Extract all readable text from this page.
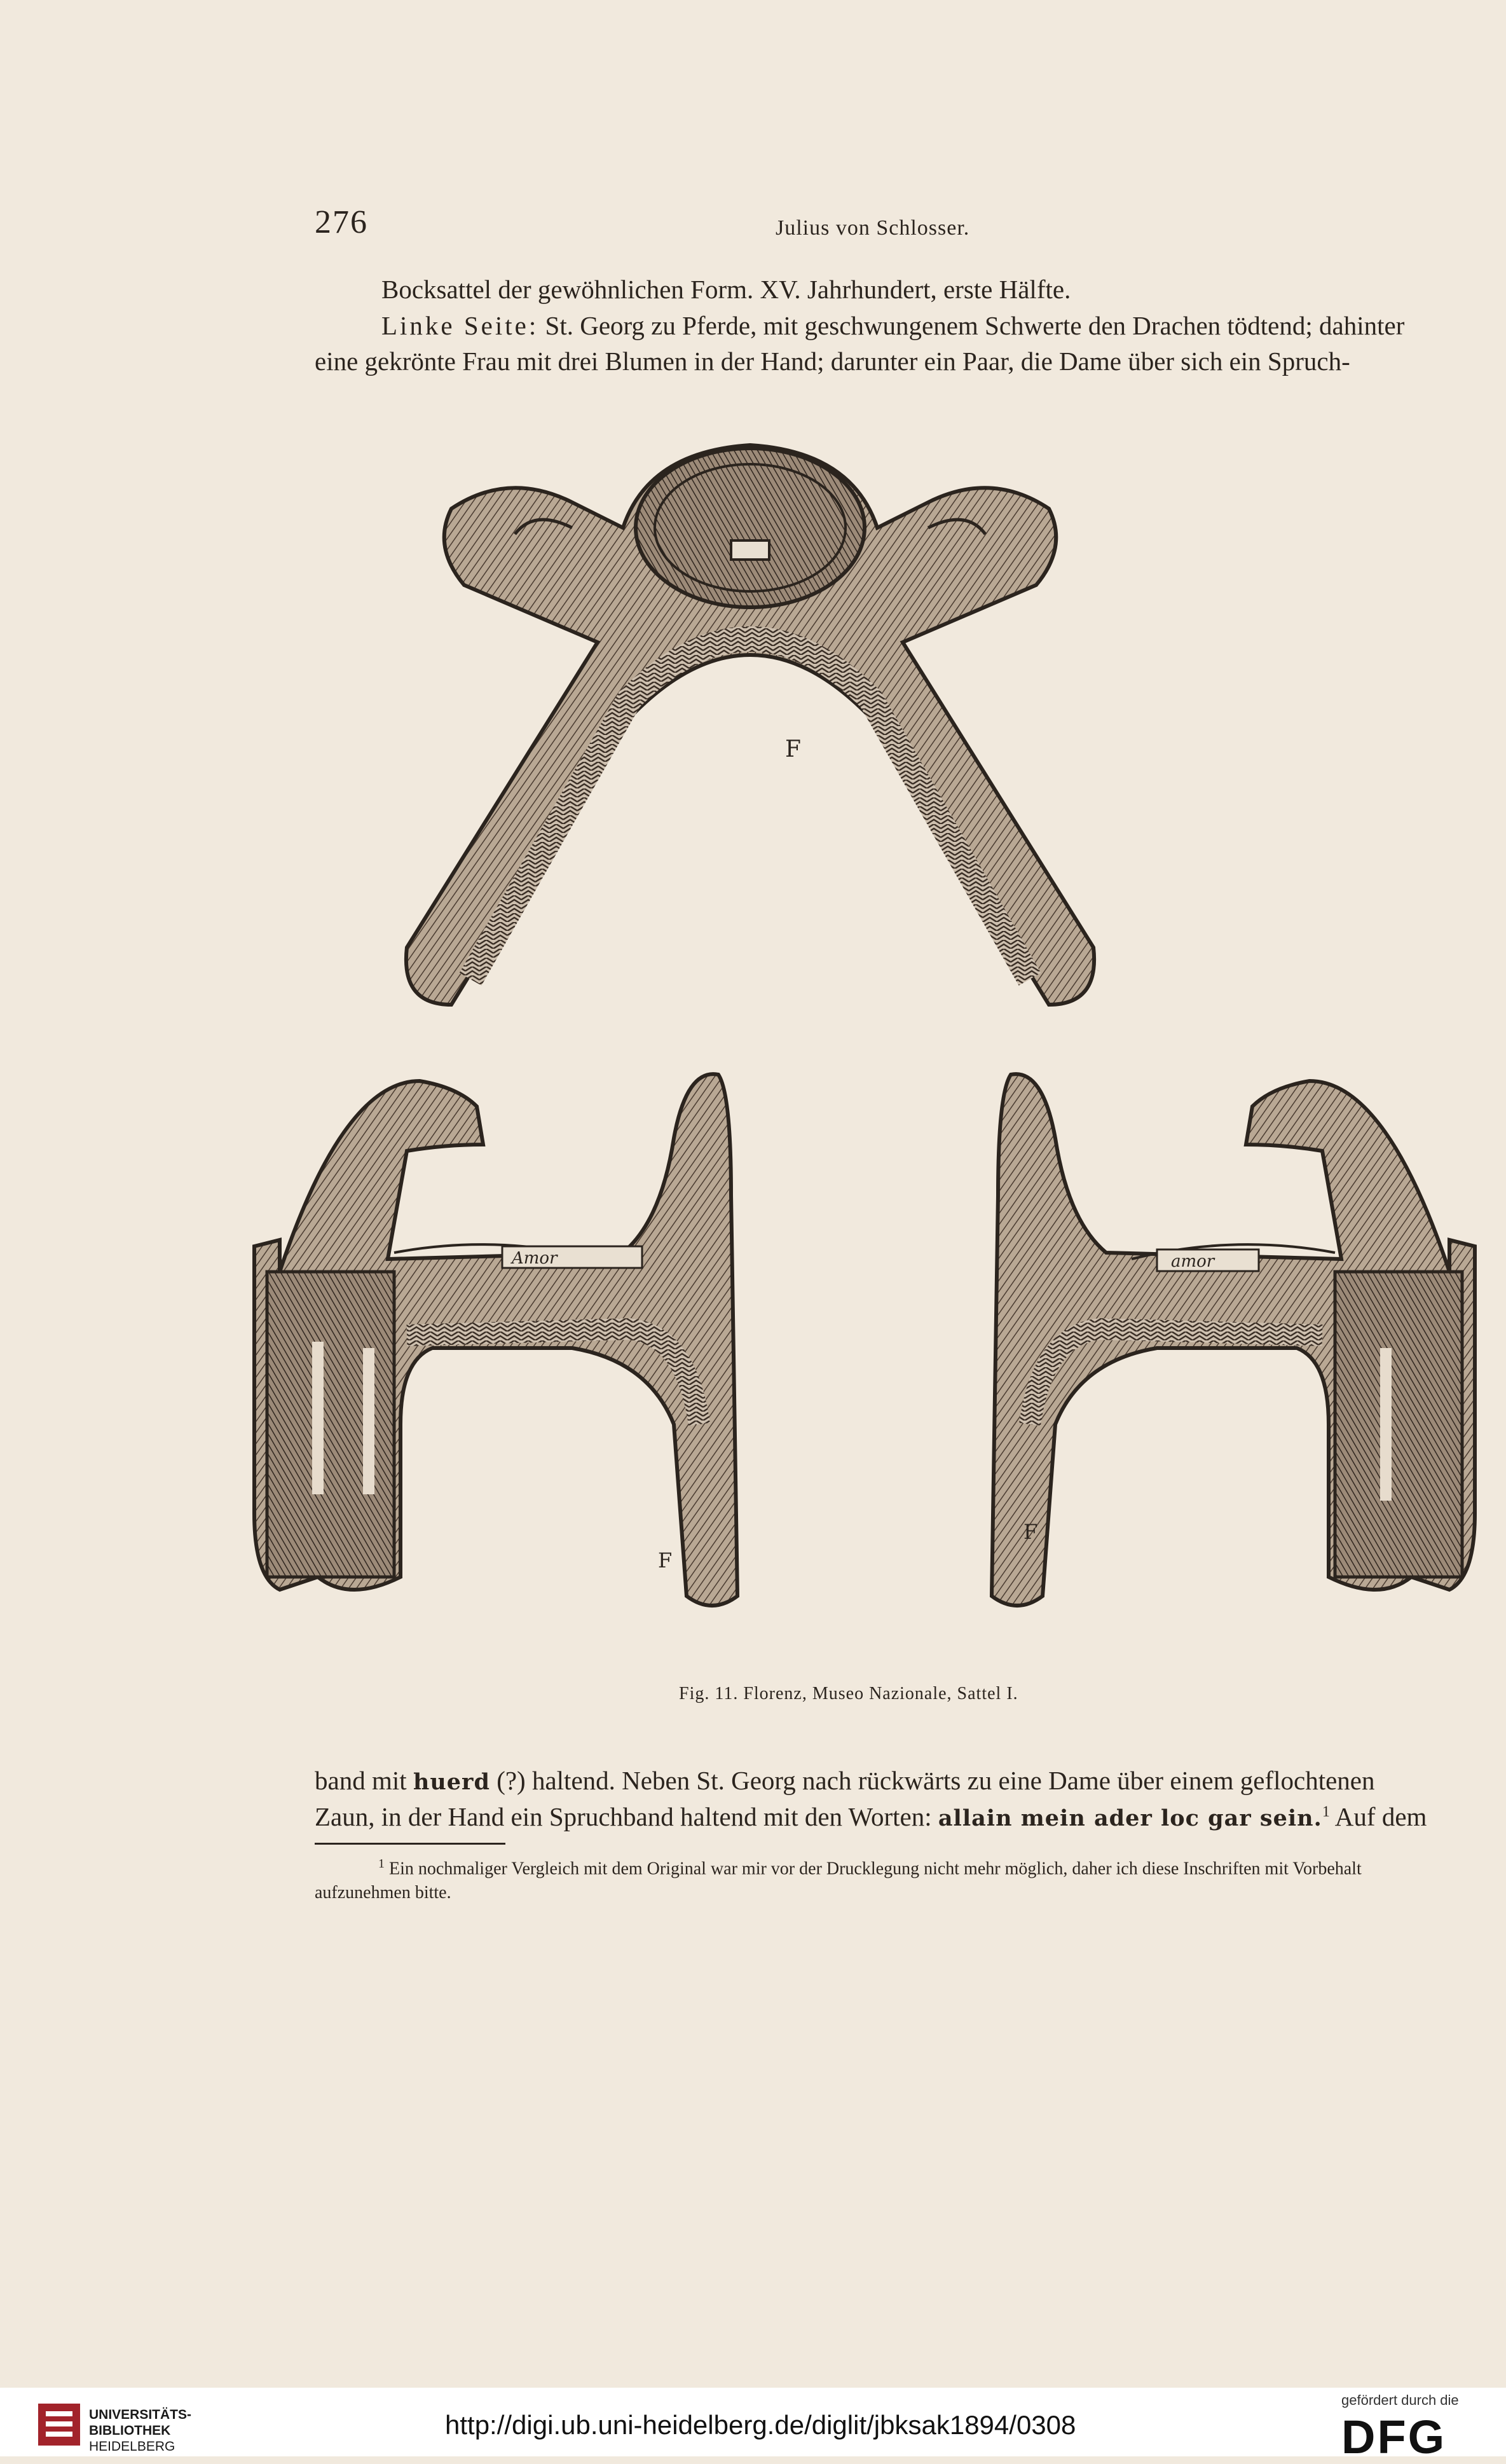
276	Julius von Schlosser.
Bocksattel der gewöhnlichen Form. XV. Jahrhundert, erste Hälfte.
Linke Seite: St. Georg zu Pferde, mit geschwungenem Schwerte den Drachen tödtend; dahinter
eine gekrönte Frau mit drei Blumen in der Hand; darunter ein Paar, die Dame über sich ein Spruch-
F
Amor
F
amor
F
Fig. 11. Florenz, Museo Nazionale, Sattel I.
band mit huerd (?) haltend. Neben St. Georg nach rückwärts zu eine Dame über einem geflochtenen
Zaun, in der Hand ein Spruchband haltend mit den Worten: allain mein ader loc gar sein.$^1$ Auf dem
$^1$ Ein nochmaliger Vergleich mit dem Original war mir vor der Drucklegung nicht mehr möglich, daher ich diese Inschriften mit Vorbehalt aufzunehmen bitte.
UNIVERSITÄTS-
BIBLIOTHEK
HEIDELBERG
http://digi.ub.uni-heidelberg.de/diglit/jbksak1894/0308
gefördert durch die
DFG
